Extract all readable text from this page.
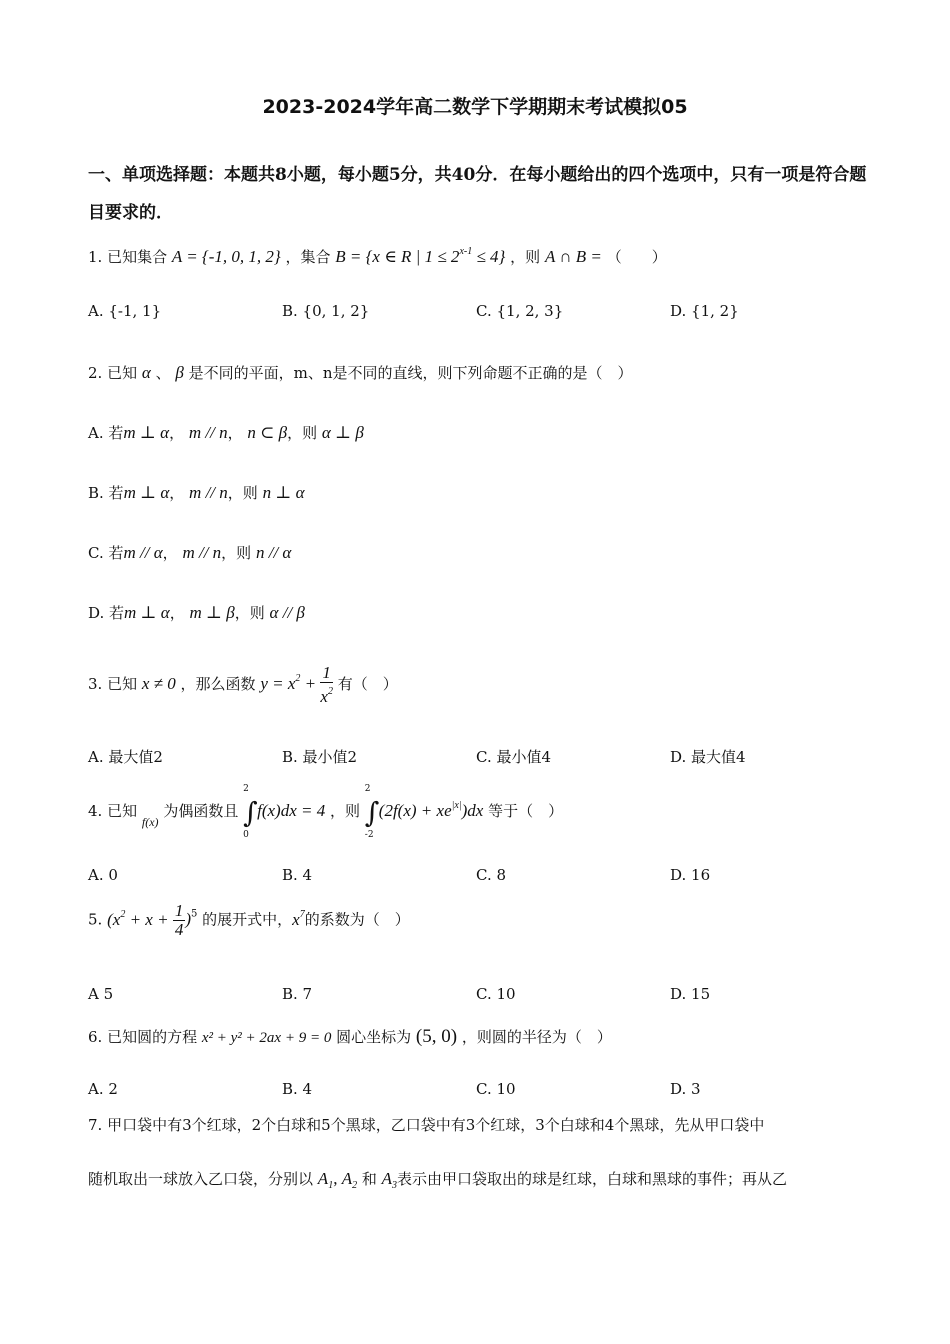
2023-2024学年高二数学下学期期末考试模拟05
一、单项选择题：本题共8小题，每小题5分，共40分．在每小题给出的四个选项中，只有一项是符合题目要求的．
1. 已知集合 A = {-1, 0, 1, 2} ，集合 B = {x ∈ R | $1 \le 2^{x-1} \le 4$} ，则 A ∩ B = （　　）
A. {-1, 1}	B. {0, 1, 2}	C. {1, 2, 3}	D. {1, 2}
2. 已知 α 、 β 是不同的平面，m、n是不同的直线，则下列命题不正确的是（　）
A. 若m ⊥ α， m // n， n ⊂ β，则 α ⊥ β
B. 若m ⊥ α， m // n，则 n ⊥ α
C. 若m // α， m // n，则 n // α
D. 若m ⊥ α， m ⊥ β，则 α // β
3. 已知 x ≠ 0 ，那么函数 $y = x^2 + \frac{1}{x^2}$ 有（　）
A. 最大值2	B. 最小值2	C. 最小值4	D. 最大值4
4. 已知 $_{f(x)}$ 为偶函数且
2
∫
0
f(x)dx = 4 ，则
2
∫
-2
$(2f(x) + xe^{|x|})dx$ 等于（　）
A. 0	B. 4	C. 8	D. 16
5. $(x^2 + x + \frac{1}{4} )^5$ 的展开式中，$x^7$的系数为（　）
A 5	B. 7	C. 10	D. 15
6. 已知圆的方程 x² + y² + 2ax + 9 = 0 圆心坐标为 (5, 0) ，则圆的半径为（　）
A. 2	B. 4	C. 10	D. 3
7. 甲口袋中有3个红球，2个白球和5个黑球，乙口袋中有3个红球，3个白球和4个黑球，先从甲口袋中
随机取出一球放入乙口袋，分别以 $A_1$, $A_2$ 和 $A_3$表示由甲口袋取出的球是红球，白球和黑球的事件；再从乙
